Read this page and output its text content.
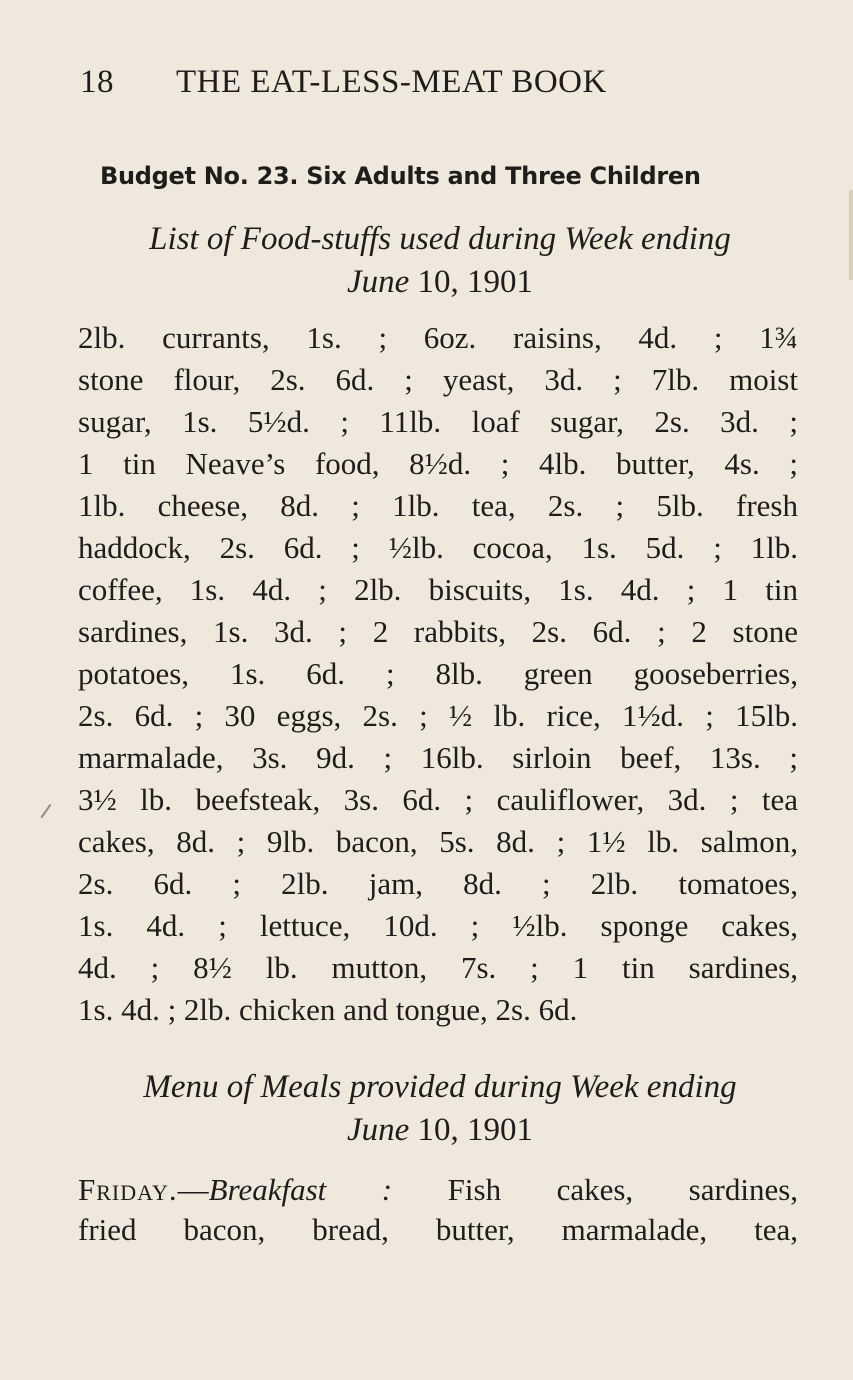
18 THE EAT-LESS-MEAT BOOK
Budget No. 23. Six Adults and Three Children
List of Food-stuffs used during Week ending
June 10, 1901
2lb. currants, 1s. ; 6oz. raisins, 4d. ; 1¾
stone flour, 2s. 6d. ; yeast, 3d. ; 7lb. moist
sugar, 1s. 5½d. ; 11lb. loaf sugar, 2s. 3d. ;
1 tin Neave’s food, 8½d. ; 4lb. butter, 4s. ;
1lb. cheese, 8d. ; 1lb. tea, 2s. ; 5lb. fresh
haddock, 2s. 6d. ; ½lb. cocoa, 1s. 5d. ; 1lb.
coffee, 1s. 4d. ; 2lb. biscuits, 1s. 4d. ; 1 tin
sardines, 1s. 3d. ; 2 rabbits, 2s. 6d. ; 2 stone
potatoes, 1s. 6d. ; 8lb. green gooseberries,
2s. 6d. ; 30 eggs, 2s. ; ½ lb. rice, 1½d. ; 15lb.
marmalade, 3s. 9d. ; 16lb. sirloin beef, 13s. ;
3½ lb. beefsteak, 3s. 6d. ; cauliflower, 3d. ; tea
cakes, 8d. ; 9lb. bacon, 5s. 8d. ; 1½ lb. salmon,
2s. 6d. ; 2lb. jam, 8d. ; 2lb. tomatoes,
1s. 4d. ; lettuce, 10d. ; ½lb. sponge cakes,
4d. ; 8½ lb. mutton, 7s. ; 1 tin sardines,
1s. 4d. ; 2lb. chicken and tongue, 2s. 6d.
Menu of Meals provided during Week ending
June 10, 1901
Friday.—Breakfast : Fish cakes, sardines,
fried bacon, bread, butter, marmalade, tea,
